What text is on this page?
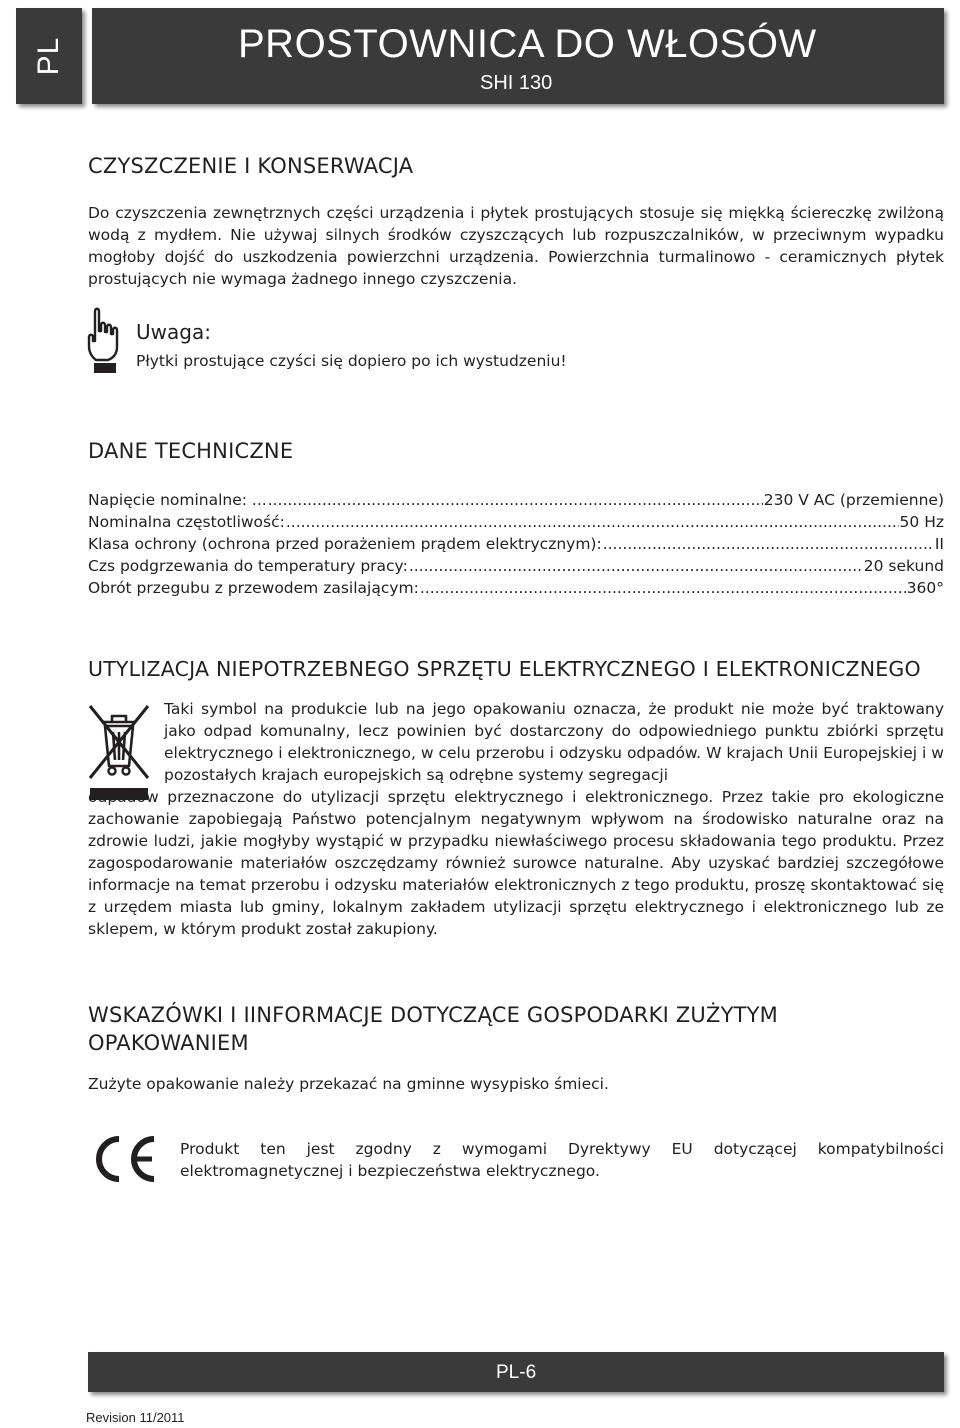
PL	PROSTOWNICA DO WŁOSÓW
SHI 130
CZYSZCZENIE I KONSERWACJA
Do czyszczenia zewnętrznych części urządzenia i płytek prostujących stosuje się miękką ściereczkę zwilżoną wodą z mydłem. Nie używaj silnych środków czyszczących lub rozpuszczalników, w przeciwnym wypadku mogłoby dojść do uszkodzenia powierzchni urządzenia. Powierzchnia turmalinowo - ceramicznych płytek prostujących nie wymaga żadnego innego czyszczenia.
Uwaga:
Płytki prostujące czyści się dopiero po ich wystudzeniu!
DANE TECHNICZNE
Napięcie nominalne: ... .....	230 V AC (przemienne)
Nominalna częstotliwość: .....	50 Hz
Klasa ochrony (ochrona przed porażeniem prądem elektrycznym): .....	II
Czs podgrzewania do temperatury pracy: .....	20 sekund
Obrót przegubu z przewodem zasilającym: .....	360°
UTYLIZACJA NIEPOTRZEBNEGO SPRZĘTU ELEKTRYCZNEGO I ELEKTRONICZNEGO
Taki symbol na produkcie lub na jego opakowaniu oznacza, że produkt nie może być traktowany jako odpad komunalny, lecz powinien być dostarczony do odpowiedniego punktu zbiórki sprzętu elektrycznego i elektronicznego, w celu przerobu i odzysku odpadów. W krajach Unii Europejskiej i w pozostałych krajach europejskich są odrębne systemy segregacji
odpadów przeznaczone do utylizacji sprzętu elektrycznego i elektronicznego. Przez takie pro ekologiczne zachowanie zapobiegają Państwo potencjalnym negatywnym wpływom na środowisko naturalne oraz na zdrowie ludzi, jakie mogłyby wystąpić w przypadku niewłaściwego procesu składowania tego produktu. Przez zagospodarowanie materiałów oszczędzamy również surowce naturalne. Aby uzyskać bardziej szczegółowe informacje na temat przerobu i odzysku materiałów elektronicznych z tego produktu, proszę skontaktować się z urzędem miasta lub gminy, lokalnym zakładem utylizacji sprzętu elektrycznego i elektronicznego lub ze sklepem, w którym produkt został zakupiony.
WSKAZÓWKI I IINFORMACJE DOTYCZĄCE GOSPODARKI ZUŻYTYM
OPAKOWANIEM
Zużyte opakowanie należy przekazać na gminne wysypisko śmieci.
Produkt ten jest zgodny z wymogami Dyrektywy EU dotyczącej kompatybilności elektromagnetycznej i bezpieczeństwa elektrycznego.
PL-6
Revision 11/2011
